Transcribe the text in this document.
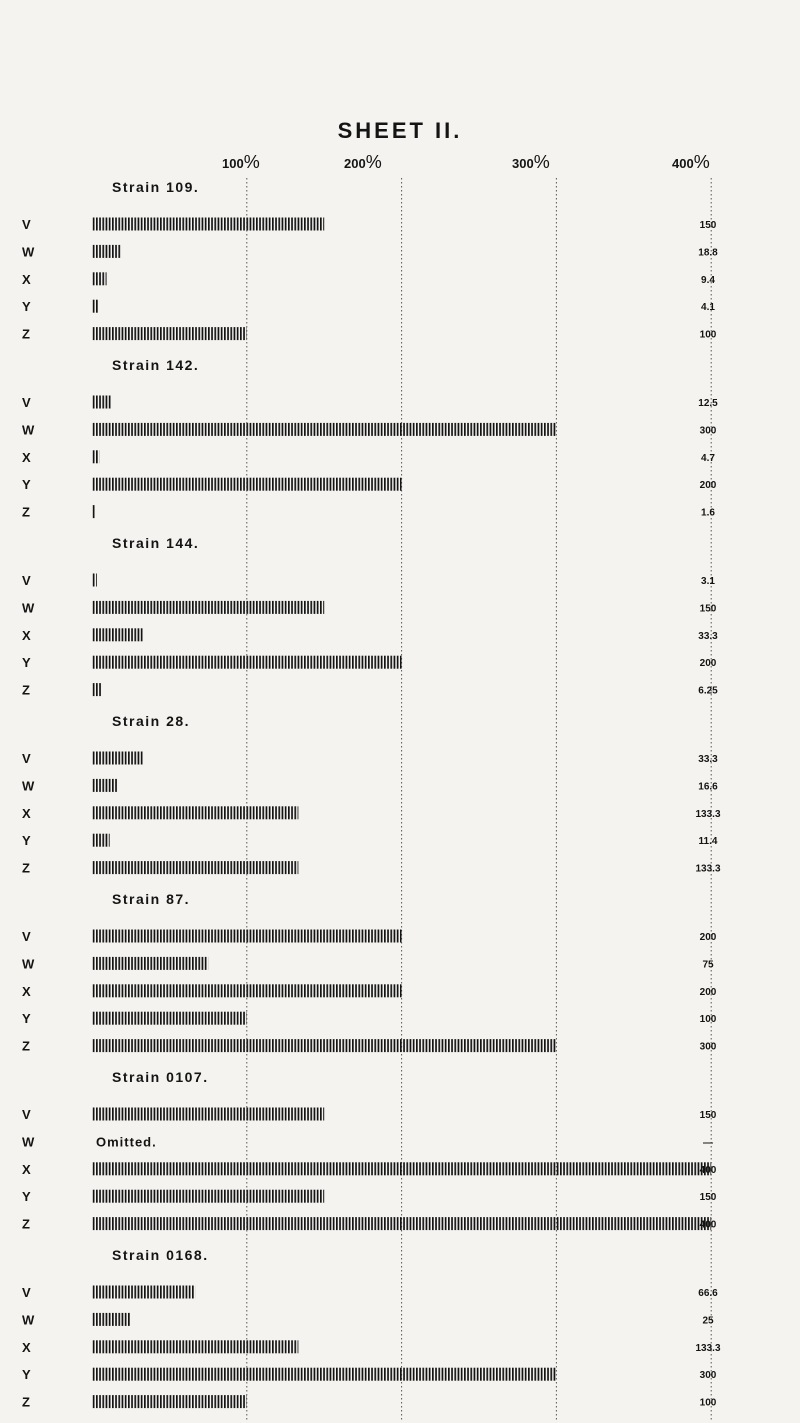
SHEET II.
100%	200%	300%	400%
Strain 109.
V	150
W	18.8
X	9.4
Y	4.1
Z	100
Strain 142.
V	12.5
W	300
X	4.7
Y	200
Z	1.6
Strain 144.
V	3.1
W	150
X	33.3
Y	200
Z	6.25
Strain 28.
V	33.3
W	16.6
X	133.3
Y	11.4
Z	133.3
Strain 87.
V	200
W	75
X	200
Y	100
Z	300
Strain 0107.
V	150
W	Omitted.	—
X	400
Y	150
Z	400
Strain 0168.
V	66.6
W	25
X	133.3
Y	300
Z	100
